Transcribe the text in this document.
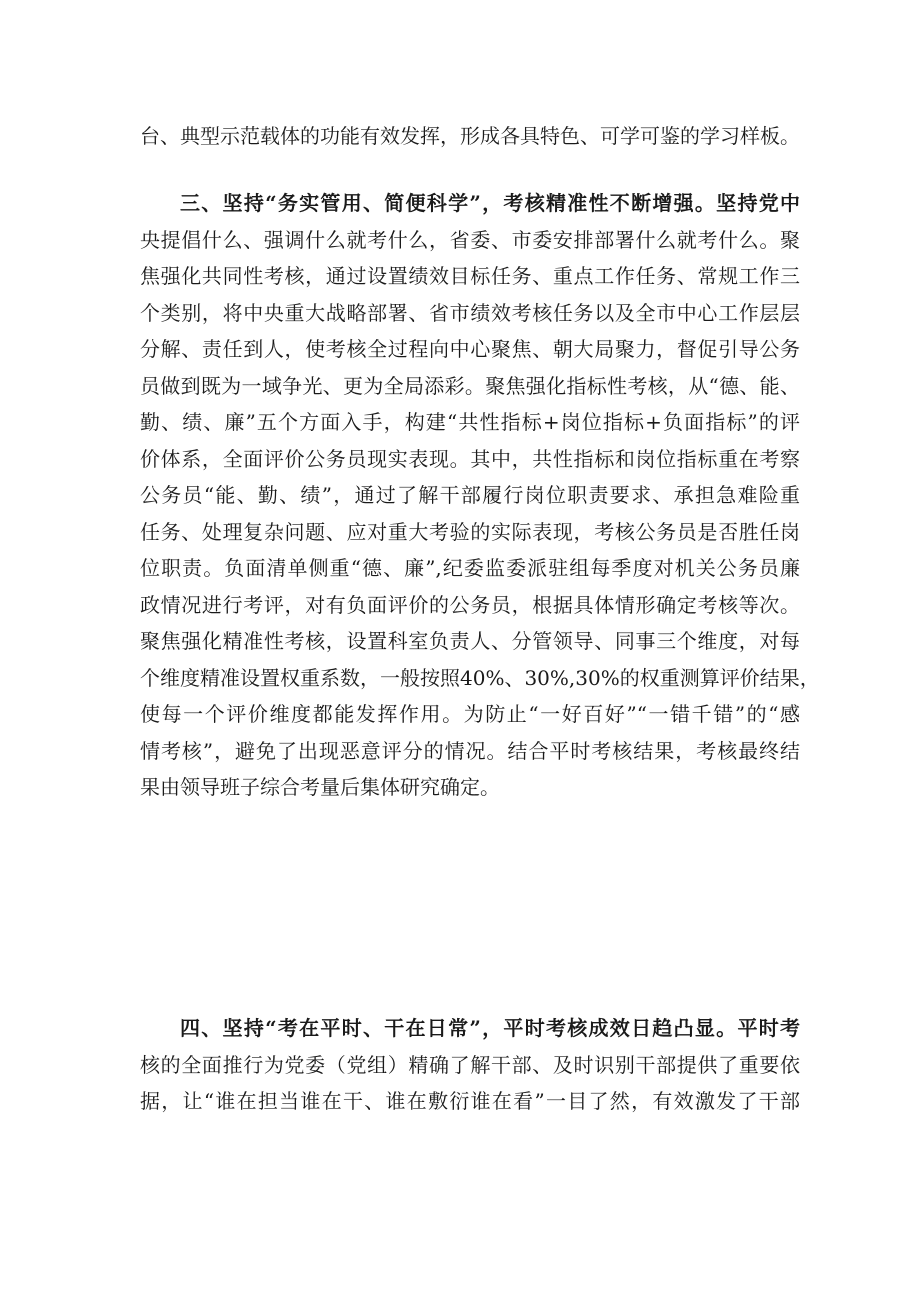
台、典型示范载体的功能有效发挥，形成各具特色、可学可鉴的学习样板。
三、坚持“务实管用、简便科学”，考核精准性不断增强。坚持党中
央提倡什么、强调什么就考什么，省委、市委安排部署什么就考什么。聚
焦强化共同性考核，通过设置绩效目标任务、重点工作任务、常规工作三
个类别，将中央重大战略部署、省市绩效考核任务以及全市中心工作层层
分解、责任到人，使考核全过程向中心聚焦、朝大局聚力，督促引导公务
员做到既为一域争光、更为全局添彩。聚焦强化指标性考核，从“德、能、
勤、绩、廉”五个方面入手，构建“共性指标+岗位指标+负面指标”的评
价体系，全面评价公务员现实表现。其中，共性指标和岗位指标重在考察
公务员“能、勤、绩”，通过了解干部履行岗位职责要求、承担急难险重
任务、处理复杂问题、应对重大考验的实际表现，考核公务员是否胜任岗
位职责。负面清单侧重“德、廉”,纪委监委派驻组每季度对机关公务员廉
政情况进行考评，对有负面评价的公务员，根据具体情形确定考核等次。
聚焦强化精准性考核，设置科室负责人、分管领导、同事三个维度，对每
个维度精准设置权重系数，一般按照40%、30%,30%的权重测算评价结果，
使每一个评价维度都能发挥作用。为防止“一好百好”“一错千错”的“感
情考核”，避免了出现恶意评分的情况。结合平时考核结果，考核最终结
果由领导班子综合考量后集体研究确定。
四、坚持“考在平时、干在日常”，平时考核成效日趋凸显。平时考
核的全面推行为党委（党组）精确了解干部、及时识别干部提供了重要依
据，让“谁在担当谁在干、谁在敷衍谁在看”一目了然，有效激发了干部
